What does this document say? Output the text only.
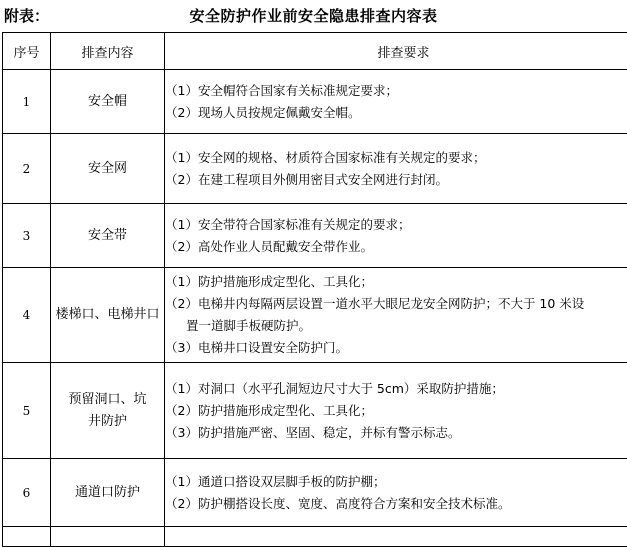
附表：	安全防护作业前安全隐患排查内容表
序号	排查内容	排查要求
1	安全帽	（1）安全帽符合国家有关标准规定要求；
（2）现场人员按规定佩戴安全帽。

2	安全网	（1）安全网的规格、材质符合国家标准有关规定的要求；
（2）在建工程项目外侧用密目式安全网进行封闭。

3	安全带	（1）安全带符合国家标准有关规定的要求；
（2）高处作业人员配戴安全带作业。

4	楼梯口、电梯井口	（1）防护措施形成定型化、工具化；
（2）电梯井内每隔两层设置一道水平大眼尼龙安全网防护；不大于 10 米设
置一道脚手板硬防护。
（3）电梯井口设置安全防护门。

5	预留洞口、坑
井防护	（1）对洞口（水平孔洞短边尺寸大于 5cm）采取防护措施；
（2）防护措施形成定型化、工具化；
（3）防护措施严密、坚固、稳定，并标有警示标志。

6	通道口防护	（1）通道口搭设双层脚手板的防护棚；
（2）防护棚搭设长度、宽度、高度符合方案和安全技术标准。
